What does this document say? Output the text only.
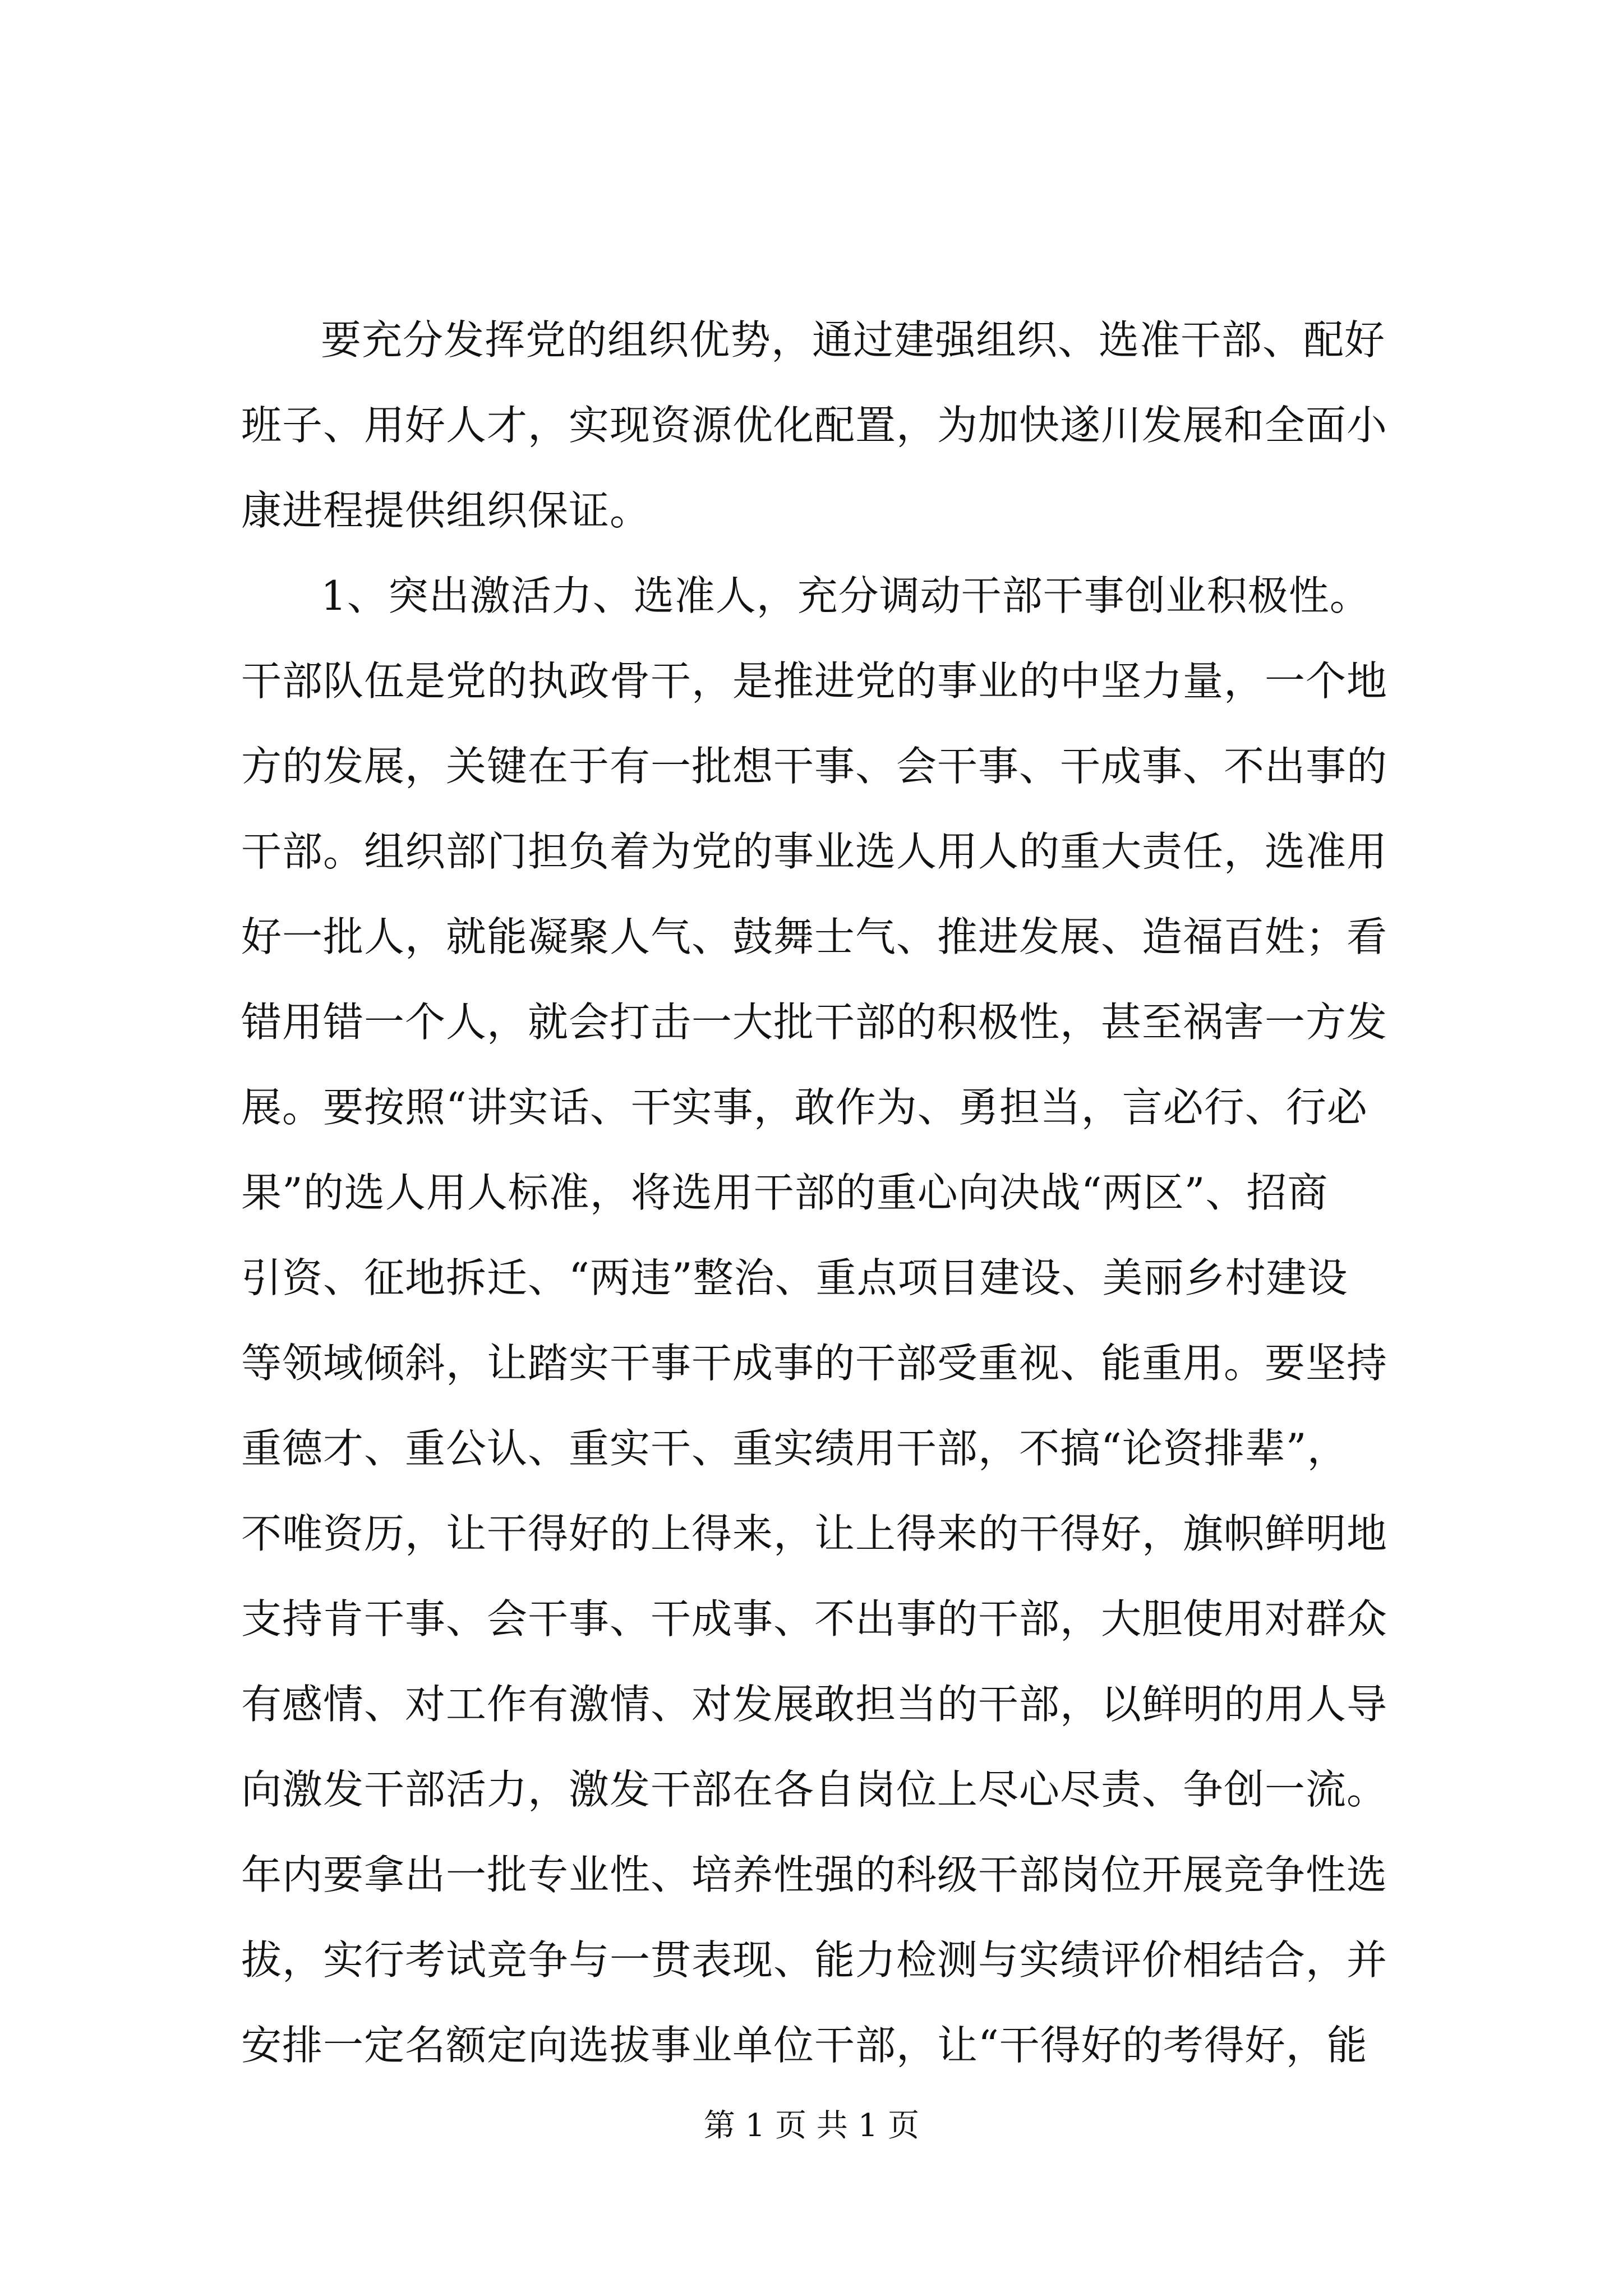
要充分发挥党的组织优势，通过建强组织、选准干部、配好
班子、用好人才，实现资源优化配置，为加快遂川发展和全面小
康进程提供组织保证。
1、突出激活力、选准人，充分调动干部干事创业积极性。
干部队伍是党的执政骨干，是推进党的事业的中坚力量，一个地
方的发展，关键在于有一批想干事、会干事、干成事、不出事的
干部。组织部门担负着为党的事业选人用人的重大责任，选准用
好一批人，就能凝聚人气、鼓舞士气、推进发展、造福百姓；看
错用错一个人，就会打击一大批干部的积极性，甚至祸害一方发
展。要按照“讲实话、干实事，敢作为、勇担当，言必行、行必
果”的选人用人标准，将选用干部的重心向决战“两区”、招商
引资、征地拆迁、“两违”整治、重点项目建设、美丽乡村建设
等领域倾斜，让踏实干事干成事的干部受重视、能重用。要坚持
重德才、重公认、重实干、重实绩用干部，不搞“论资排辈”，
不唯资历，让干得好的上得来，让上得来的干得好，旗帜鲜明地
支持肯干事、会干事、干成事、不出事的干部，大胆使用对群众
有感情、对工作有激情、对发展敢担当的干部，以鲜明的用人导
向激发干部活力，激发干部在各自岗位上尽心尽责、争创一流。
年内要拿出一批专业性、培养性强的科级干部岗位开展竞争性选
拔，实行考试竞争与一贯表现、能力检测与实绩评价相结合，并
安排一定名额定向选拔事业单位干部，让“干得好的考得好，能
第 1 页 共 1 页
